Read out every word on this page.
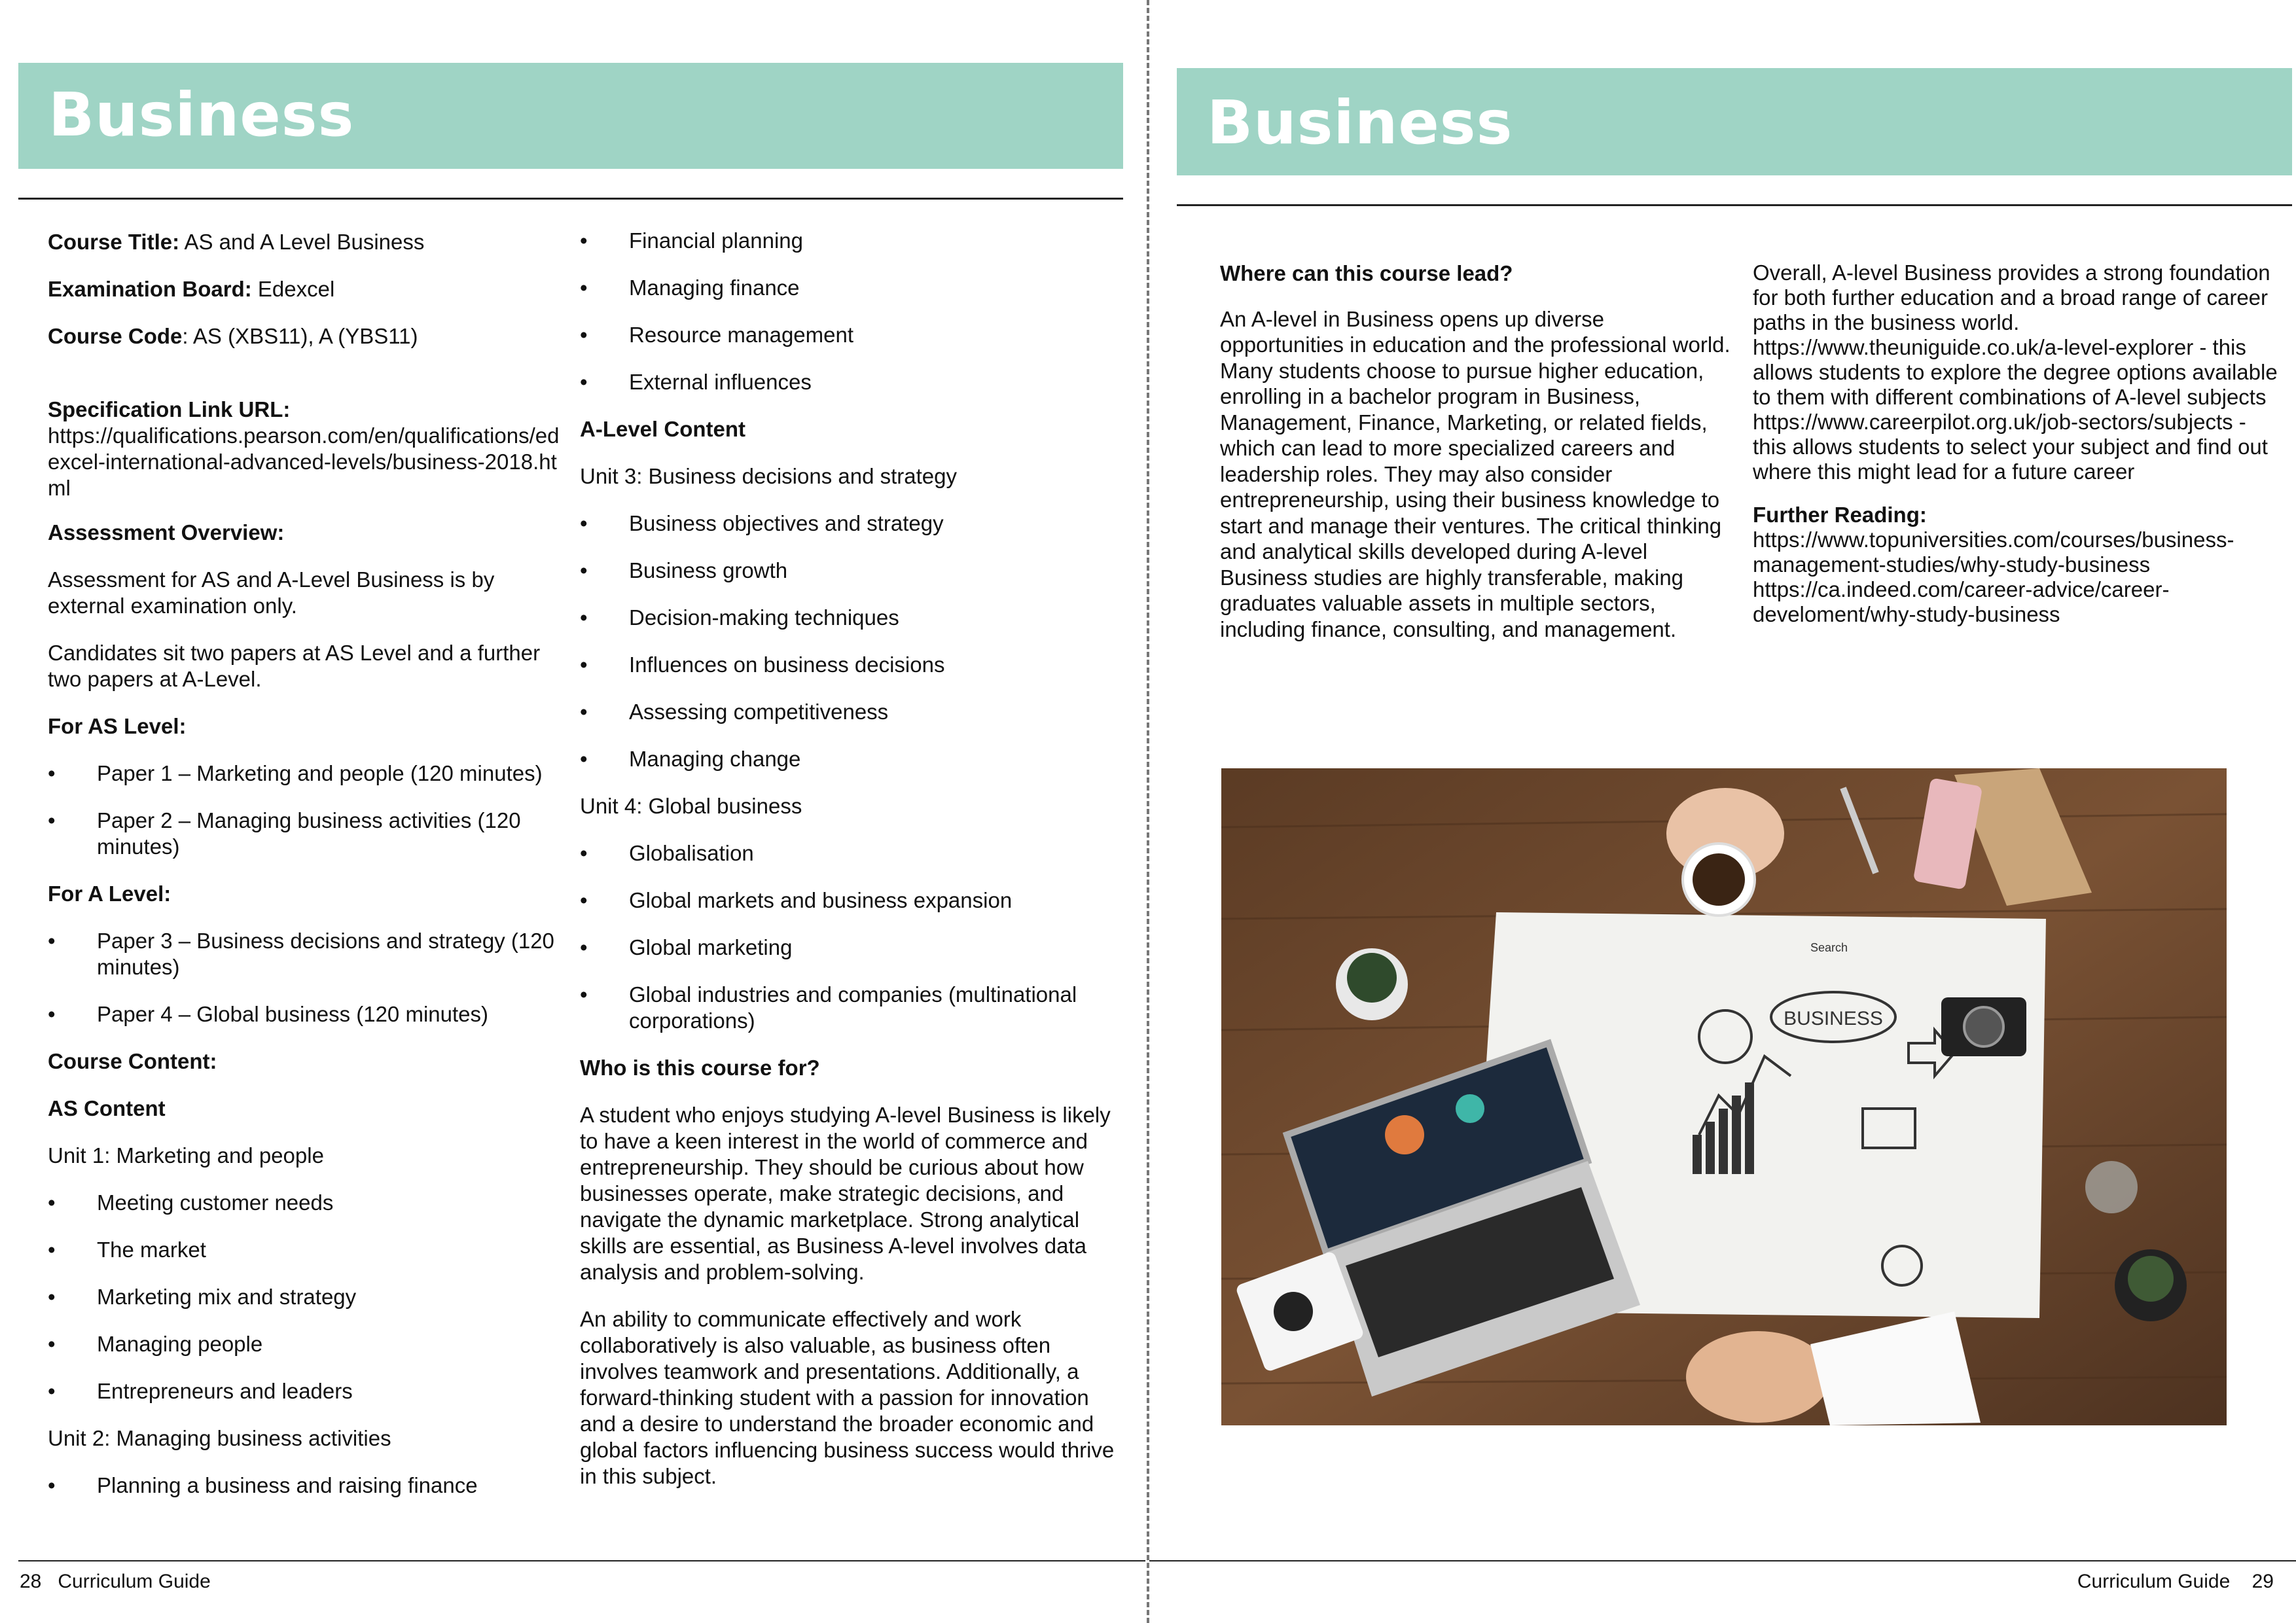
Business

Course Title: AS and A Level Business

Examination Board: Edexcel

Course Code: AS (XBS11), A (YBS11)

Specification Link URL:
https://qualifications.pearson.com/en/qualifications/edexcel-international-advanced-levels/business-2018.html

Assessment Overview:

Assessment for AS and A-Level Business is by external examination only.

Candidates sit two papers at AS Level and a further two papers at A-Level.

For AS Level:

• Paper 1 – Marketing and people (120 minutes)
• Paper 2 – Managing business activities (120 minutes)

For A Level:

• Paper 3 – Business decisions and strategy (120 minutes)
• Paper 4 – Global business (120 minutes)

Course Content:

AS Content

Unit 1: Marketing and people

• Meeting customer needs
• The market
• Marketing mix and strategy
• Managing people
• Entrepreneurs and leaders

Unit 2: Managing business activities

• Planning a business and raising finance
• Financial planning
• Managing finance
• Resource management
• External influences

A-Level Content

Unit 3: Business decisions and strategy

• Business objectives and strategy
• Business growth
• Decision-making techniques
• Influences on business decisions
• Assessing competitiveness
• Managing change

Unit 4: Global business

• Globalisation
• Global markets and business expansion
• Global marketing
• Global industries and companies (multinational corporations)

Who is this course for?

A student who enjoys studying A-level Business is likely to have a keen interest in the world of commerce and entrepreneurship. They should be curious about how businesses operate, make strategic decisions, and navigate the dynamic marketplace. Strong analytical skills are essential, as Business A-level involves data analysis and problem-solving.

An ability to communicate effectively and work collaboratively is also valuable, as business often involves teamwork and presentations. Additionally, a forward-thinking student with a passion for innovation and a desire to understand the broader economic and global factors influencing business success would thrive in this subject.

28 Curriculum Guide
Business

Where can this course lead?

An A-level in Business opens up diverse opportunities in education and the professional world. Many students choose to pursue higher education, enrolling in a bachelor program in Business, Management, Finance, Marketing, or related fields, which can lead to more specialized careers and leadership roles. They may also consider entrepreneurship, using their business knowledge to start and manage their ventures. The critical thinking and analytical skills developed during A-level Business studies are highly transferable, making graduates valuable assets in multiple sectors, including finance, consulting, and management.

Overall, A-level Business provides a strong foundation for both further education and a broad range of career paths in the business world. https://www.theuniguide.co.uk/a-level-explorer - this allows students to explore the degree options available to them with different combinations of A-level subjects https://www.careerpilot.org.uk/job-sectors/subjects - this allows students to select your subject and find out where this might lead for a future career

Further Reading:
https://www.topuniversities.com/courses/business-management-studies/why-study-business https://ca.indeed.com/career-advice/career-develoment/why-study-business

Curriculum Guide 29
BUSINESS
Search
